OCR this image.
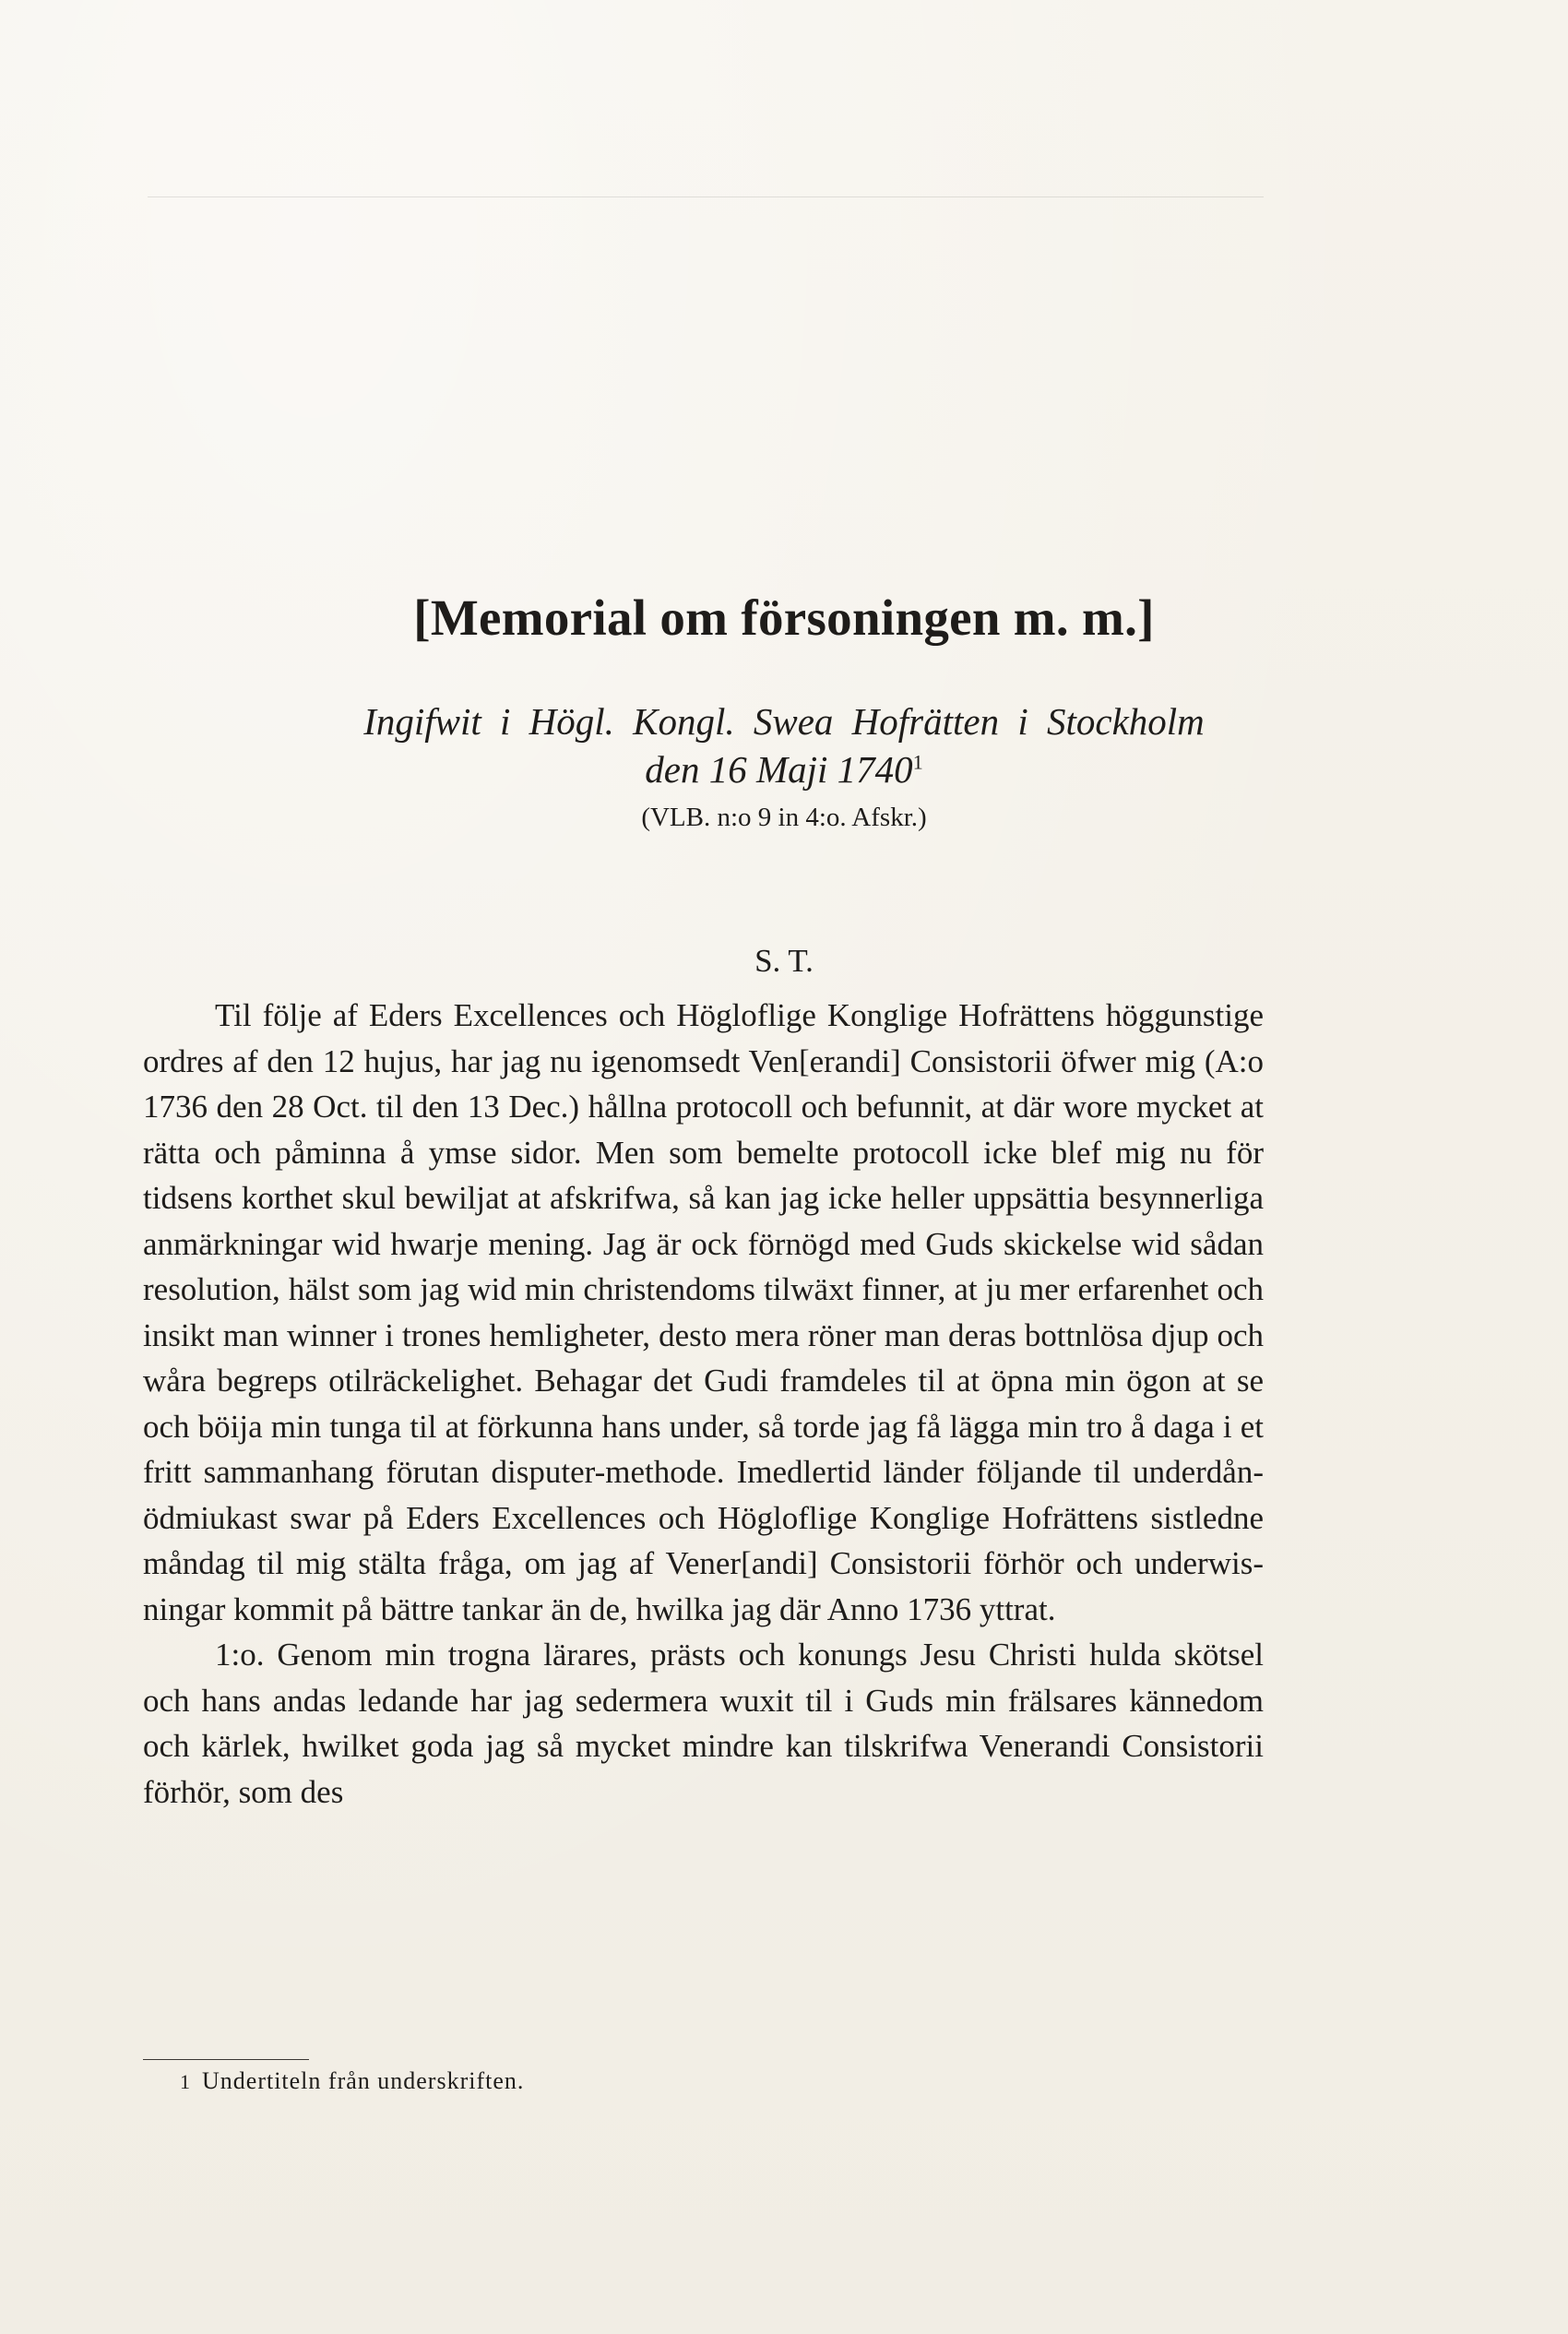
[Memorial om försoningen m. m.]

Ingifwit i Högl. Kongl. Swea Hofrätten i Stockholm

den 16 Maji 1740$^1$

(VLB. n:o 9 in 4:o. Afskr.)

S. T.

Til följe af Eders Excellences och Högloflige Konglige Hofrättens höggunstige ordres af den 12 hujus, har jag nu igenomsedt Ven[erandi] Consistorii öfwer mig (A:o 1736 den 28 Oct. til den 13 Dec.) hållna protocoll och befunnit, at där wore mycket at rätta och påminna å ymse sidor. Men som bemelte protocoll icke blef mig nu för tidsens korthet skul bewiljat at afskrifwa, så kan jag icke heller uppsättia besynnerliga anmärkningar wid hwarje mening. Jag är ock förnögd med Guds skickelse wid sådan resolution, hälst som jag wid min christendoms tilwäxt finner, at ju mer erfarenhet och insikt man winner i trones hemligheter, desto mera röner man deras bottnlösa djup och wåra begreps otilräckelighet. Behagar det Gudi framdeles til at öpna min ögon at se och böija min tunga til at förkunna hans under, så torde jag få lägga min tro å daga i et fritt sammanhang förutan disputer-methode. Imedlertid länder följande til underdån-ödmiukast swar på Eders Excellences och Högloflige Konglige Hofrättens sistledne måndag til mig stälta fråga, om jag af Vener[andi] Consistorii förhör och underwisningar kommit på bättre tankar än de, hwilka jag där Anno 1736 yttrat.

1:o. Genom min trogna lärares, prästs och konungs Jesu Christi hulda skötsel och hans andas ledande har jag sedermera wuxit til i Guds min frälsares kännedom och kärlek, hwilket goda jag så mycket mindre kan tilskrifwa Venerandi Consistorii förhör, som des

1 Undertiteln från underskriften.
